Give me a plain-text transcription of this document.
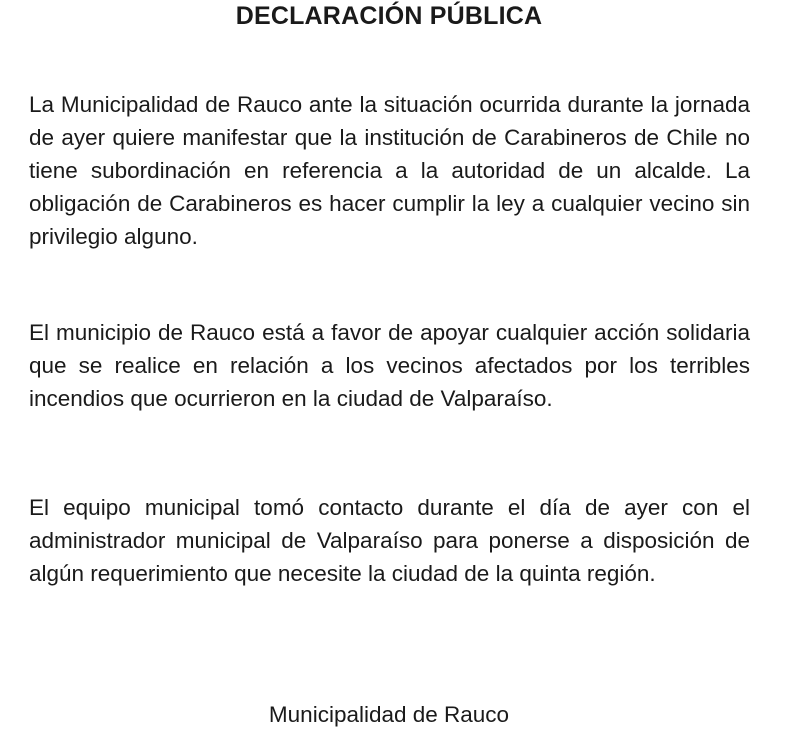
DECLARACIÓN PÚBLICA

La Municipalidad de Rauco ante la situación ocurrida durante la jornada de ayer quiere manifestar que la institución de Carabineros de Chile no tiene subordinación en referencia a la autoridad de un alcalde. La obligación de Carabineros es hacer cumplir la ley a cualquier vecino sin privilegio alguno.

El municipio de Rauco está a favor de apoyar cualquier acción solidaria que se realice en relación a los vecinos afectados por los terribles incendios que ocurrieron en la ciudad de Valparaíso.

El equipo municipal tomó contacto durante el día de ayer con el administrador municipal de Valparaíso para ponerse a disposición de algún requerimiento que necesite la ciudad de la quinta región.

Municipalidad de Rauco
